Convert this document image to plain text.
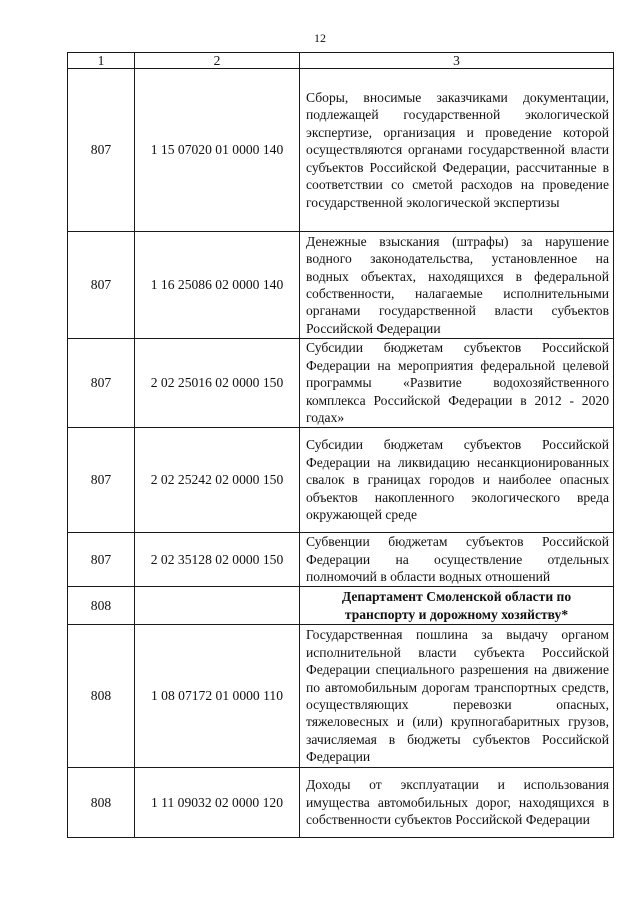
12
1	2	3
807	1 15 07020 01 0000 140	Сборы, вносимые заказчиками документации, подлежащей государственной экологической экспертизе, организация и проведение которой осуществляются органами государственной власти субъектов Российской Федерации, рассчитанные в соответствии со сметой расходов на проведение государственной экологической экспертизы
807	1 16 25086 02 0000 140	Денежные взыскания (штрафы) за нарушение водного законодательства, установленное на водных объектах, находящихся в федеральной собственности, налагаемые исполнительными органами государственной власти субъектов Российской Федерации
807	2 02 25016 02 0000 150	Субсидии бюджетам субъектов Российской Федерации на мероприятия федеральной целевой программы «Развитие водохозяйственного комплекса Российской Федерации в 2012 - 2020 годах»
807	2 02 25242 02 0000 150	Субсидии бюджетам субъектов Российской Федерации на ликвидацию несанкционированных свалок в границах городов и наиболее опасных объектов накопленного экологического вреда окружающей среде
807	2 02 35128 02 0000 150	Субвенции бюджетам субъектов Российской Федерации на осуществление отдельных полномочий в области водных отношений
808		Департамент Смоленской области по транспорту и дорожному хозяйству*
808	1 08 07172 01 0000 110	Государственная пошлина за выдачу органом исполнительной власти субъекта Российской Федерации специального разрешения на движение по автомобильным дорогам транспортных средств, осуществляющих перевозки опасных, тяжеловесных и (или) крупногабаритных грузов, зачисляемая в бюджеты субъектов Российской Федерации
808	1 11 09032 02 0000 120	Доходы от эксплуатации и использования имущества автомобильных дорог, находящихся в собственности субъектов Российской Федерации
